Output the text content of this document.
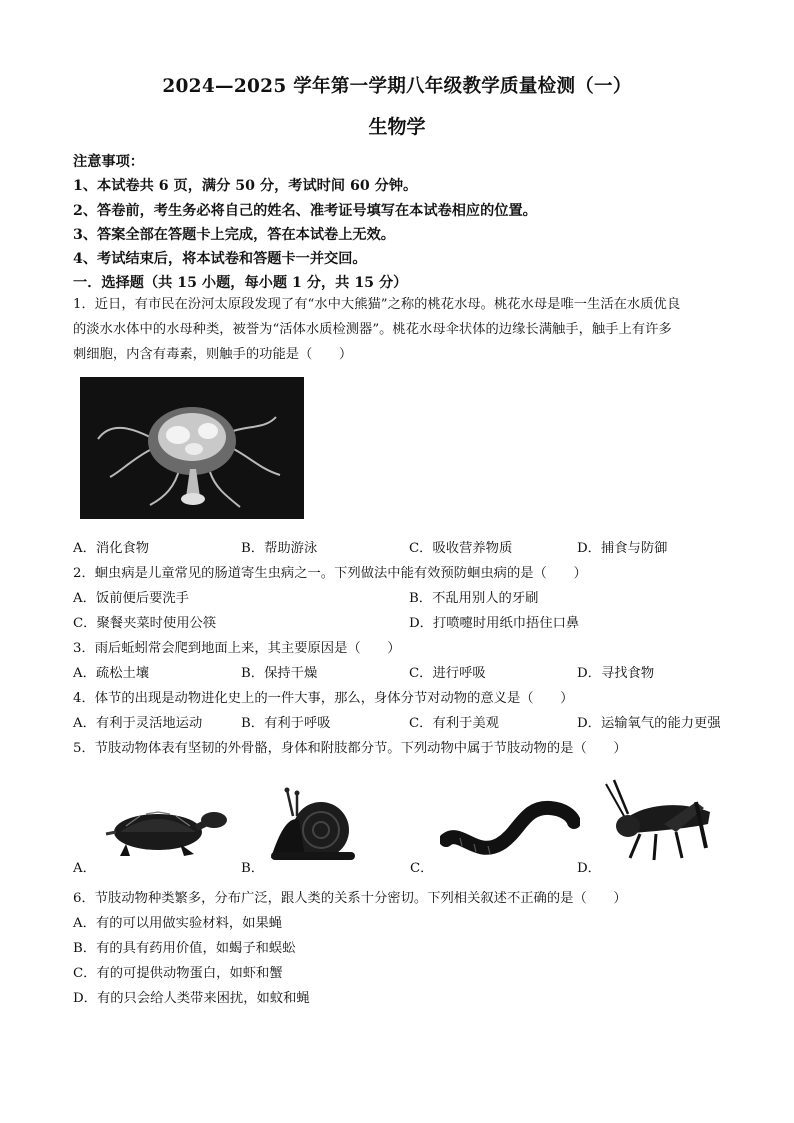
2024—2025 学年第一学期八年级教学质量检测（一）
生物学
注意事项：
1、本试卷共 6 页，满分 50 分，考试时间 60 分钟。
2、答卷前，考生务必将自己的姓名、准考证号填写在本试卷相应的位置。
3、答案全部在答题卡上完成，答在本试卷上无效。
4、考试结束后，将本试卷和答题卡一并交回。
一．选择题（共 15 小题，每小题 1 分，共 15 分）
1．近日，有市民在汾河太原段发现了有“水中大熊猫”之称的桃花水母。桃花水母是唯一生活在水质优良
的淡水水体中的水母种类，被誉为“活体水质检测器”。桃花水母伞状体的边缘长满触手，触手上有许多
刺细胞，内含有毒素，则触手的功能是（　　）
A．消化食物	B．帮助游泳	C．吸收营养物质	D．捕食与防御
2．蛔虫病是儿童常见的肠道寄生虫病之一。下列做法中能有效预防蛔虫病的是（　　）
A．饭前便后要洗手	B．不乱用别人的牙刷
C．聚餐夹菜时使用公筷	D．打喷嚏时用纸巾捂住口鼻
3．雨后蚯蚓常会爬到地面上来，其主要原因是（　　）
A．疏松土壤	B．保持干燥	C．进行呼吸	D．寻找食物
4．体节的出现是动物进化史上的一件大事，那么，身体分节对动物的意义是（　　）
A．有利于灵活地运动	B．有利于呼吸	C．有利于美观	D．运输氧气的能力更强
5．节肢动物体表有坚韧的外骨骼，身体和附肢都分节。下列动物中属于节肢动物的是（　　）
A．	B．	C．	D．
6．节肢动物种类繁多，分布广泛，跟人类的关系十分密切。下列相关叙述不正确的是（　　）
A．有的可以用做实验材料，如果蝇
B．有的具有药用价值，如蝎子和蜈蚣
C．有的可提供动物蛋白，如虾和蟹
D．有的只会给人类带来困扰，如蚊和蝇
